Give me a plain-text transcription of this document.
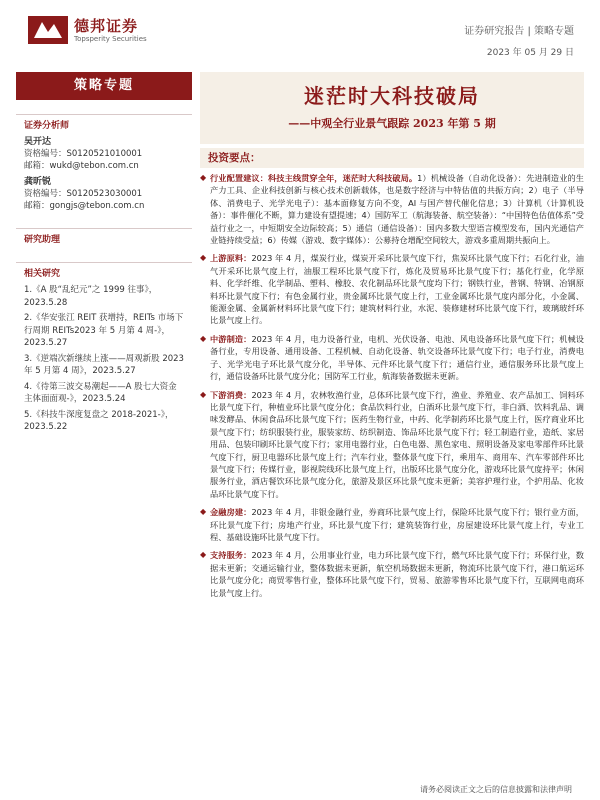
德邦证券
Topsperity Securities
证券研究报告 | 策略专题
2023 年 05 月 29 日
策略专题
证券分析师
吴开达
资格编号：S0120521010001
邮箱：wukd@tebon.com.cn
龚昕锐
资格编号：S0120523030001
邮箱：gongjs@tebon.com.cn
研究助理
相关研究
1.《A 股“乱纪元”之 1999 往事》，2023.5.28
2.《华安张江 REIT 获增持，REITs 市场下行周期 REITs2023 年 5 月第 4 周-》，2023.5.27
3.《逆端次新继续上涨——周观新股 2023 年 5 月第 4 周》，2023.5.27
4.《待第三波交易潮起——A 股七大资金主体面面观-》，2023.5.24
5.《科技牛深度复盘之 2018-2021-》，2023.5.22
迷茫时大科技破局
——中观全行业景气跟踪 2023 年第 5 期
投资要点：
◆ 行业配置建议：科技主线贯穿全年，迷茫时大科技破局。1）机械设备（自动化设备）：先进制造业的生产力工具、企业科技创新与核心技术创新载体，也是数字经济与中特估值的共振方向；2）电子（半导体、消费电子、光学光电子）：基本面修复方向不变，AI 与国产替代催化信息；3）计算机（计算机设备）：事件催化不断，算力建设有望提速；4）国防军工（航海装备、航空装备）：“中国特色估值体系”受益行业之一，中短期安全边际较高；5）通信（通信设备）：国内多数大型语言模型发布，国内光通信产业链持续受益；6）传媒（游戏、数字媒体）：公募持仓增配空间较大，游戏多重周期共振向上。
◆ 上游原料：2023 年 4 月，煤炭行业，煤炭开采环比景气度下行，焦炭环比景气度下行；石化行业，油气开采环比景气度上行，油服工程环比景气度下行，炼化及贸易环比景气度下行；基化行业，化学原料、化学纤维、化学制品、塑料、橡胶、农化制品环比景气度均下行；钢铁行业，普钢、特钢、冶钢原料环比景气度下行；有色金属行业，贵金属环比景气度上行，工业金属环比景气度内部分化，小金属、能源金属、金属新材料环比景气度下行；建筑材料行业，水泥、装修建材环比景气度下行，玻璃玻纤环比景气度上行。
◆ 中游制造：2023 年 4 月，电力设备行业，电机、光伏设备、电池、风电设备环比景气度下行；机械设备行业，专用设备、通用设备、工程机械、自动化设备、轨交设备环比景气度下行；电子行业，消费电子、光学光电子环比景气度分化，半导体、元件环比景气度下行；通信行业，通信服务环比景气度上行，通信设备环比景气度分化；国防军工行业，航海装备数据未更新。
◆ 下游消费：2023 年 4 月，农林牧渔行业，总体环比景气度下行，渔业、养殖业、农产品加工、饲料环比景气度下行，种植业环比景气度分化；食品饮料行业，白酒环比景气度下行，非白酒、饮料乳品、调味发酵品、休闲食品环比景气度下行；医药生物行业，中药、化学制药环比景气度上行，医疗商业环比景气度下行；纺织服装行业，服装家纺、纺织制造、饰品环比景气度下行；轻工制造行业，造纸、家居用品、包装印刷环比景气度下行；家用电器行业，白色电器、黑色家电、照明设备及家电零部件环比景气度下行，厨卫电器环比景气度上行；汽车行业，整体景气度下行，乘用车、商用车、汽车零部件环比景气度下行；传媒行业，影视院线环比景气度上行，出版环比景气度分化，游戏环比景气度持平；休闲服务行业，酒店餐饮环比景气度分化，旅游及景区环比景气度未更新；美容护理行业，个护用品、化妆品环比景气度下行。
◆ 金融房建：2023 年 4 月，非银金融行业，券商环比景气度上行，保险环比景气度下行；银行业方面，环比景气度下行；房地产行业，环比景气度下行；建筑装饰行业，房屋建设环比景气度上行，专业工程、基础设施环比景气度下行。
◆ 支持服务：2023 年 4 月，公用事业行业，电力环比景气度下行，燃气环比景气度下行；环保行业，数据未更新；交通运输行业，整体数据未更新，航空机场数据未更新，物流环比景气度下行，港口航运环比景气度分化；商贸零售行业，整体环比景气度下行，贸易、旅游零售环比景气度下行，互联网电商环比景气度上行。
请务必阅读正文之后的信息披露和法律声明
